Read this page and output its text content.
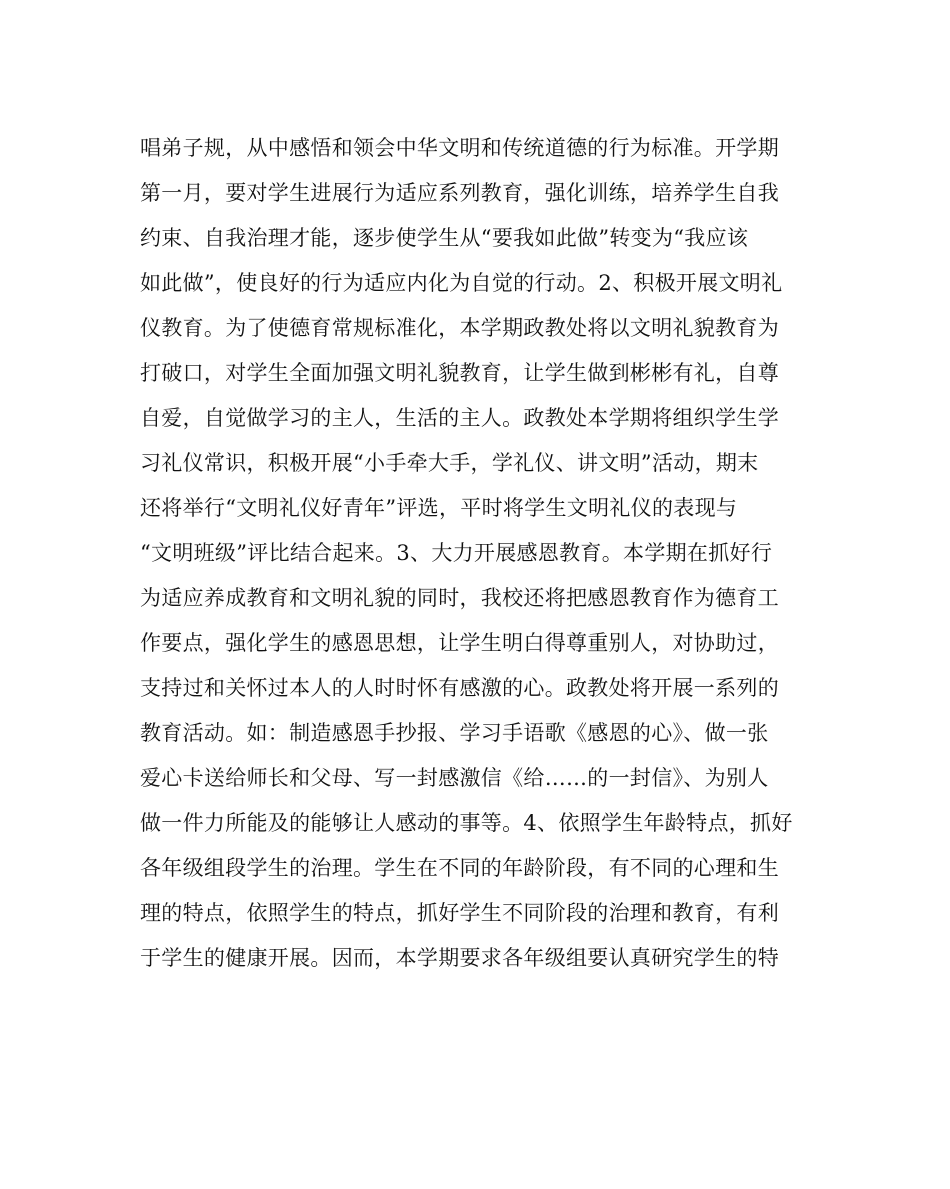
唱弟子规，从中感悟和领会中华文明和传统道德的行为标准。开学期
第一月，要对学生进展行为适应系列教育，强化训练，培养学生自我
约束、自我治理才能，逐步使学生从“要我如此做”转变为“我应该
如此做”，使良好的行为适应内化为自觉的行动。2、积极开展文明礼
仪教育。为了使德育常规标准化，本学期政教处将以文明礼貌教育为
打破口，对学生全面加强文明礼貌教育，让学生做到彬彬有礼，自尊
自爱，自觉做学习的主人，生活的主人。政教处本学期将组织学生学
习礼仪常识，积极开展“小手牵大手，学礼仪、讲文明”活动，期末
还将举行“文明礼仪好青年”评选，平时将学生文明礼仪的表现与
“文明班级”评比结合起来。3、大力开展感恩教育。本学期在抓好行
为适应养成教育和文明礼貌的同时，我校还将把感恩教育作为德育工
作要点，强化学生的感恩思想，让学生明白得尊重别人，对协助过，
支持过和关怀过本人的人时时怀有感激的心。政教处将开展一系列的
教育活动。如：制造感恩手抄报、学习手语歌《感恩的心》、做一张
爱心卡送给师长和父母、写一封感激信《给……的一封信》、为别人
做一件力所能及的能够让人感动的事等。4、依照学生年龄特点，抓好
各年级组段学生的治理。学生在不同的年龄阶段，有不同的心理和生
理的特点，依照学生的特点，抓好学生不同阶段的治理和教育，有利
于学生的健康开展。因而，本学期要求各年级组要认真研究学生的特
